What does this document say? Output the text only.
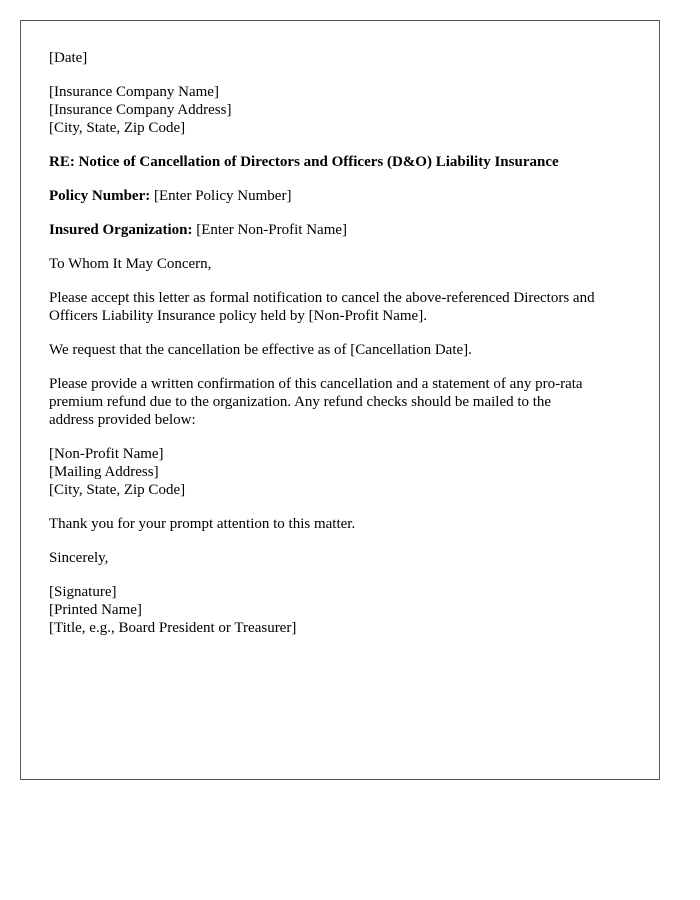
[Date]
[Insurance Company Name]
[Insurance Company Address]
[City, State, Zip Code]
RE: Notice of Cancellation of Directors and Officers (D&O) Liability Insurance
Policy Number: [Enter Policy Number]
Insured Organization: [Enter Non-Profit Name]
To Whom It May Concern,
Please accept this letter as formal notification to cancel the above-referenced Directors and
Officers Liability Insurance policy held by [Non-Profit Name].
We request that the cancellation be effective as of [Cancellation Date].
Please provide a written confirmation of this cancellation and a statement of any pro-rata
premium refund due to the organization. Any refund checks should be mailed to the
address provided below:
[Non-Profit Name]
[Mailing Address]
[City, State, Zip Code]
Thank you for your prompt attention to this matter.
Sincerely,
[Signature]
[Printed Name]
[Title, e.g., Board President or Treasurer]
